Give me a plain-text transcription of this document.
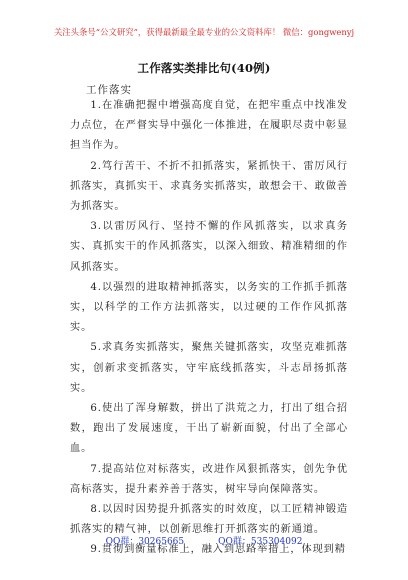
关注头条号“公文研究”，获得最新最全最专业的公文资料库！ 微信：gongwenyj
工作落实类排比句(40例)
工作落实

1.在准确把握中增强高度自觉，在把牢重点中找准发力点位，在严督实导中强化一体推进，在履职尽责中彰显担当作为。

2.笃行苦干、不折不扣抓落实，紧抓快干、雷厉风行抓落实，真抓实干、求真务实抓落实，敢想会干、敢做善为抓落实。

3.以雷厉风行、坚持不懈的作风抓落实，以求真务实、真抓实干的作风抓落实，以深入细致、精准精细的作风抓落实。

4.以强烈的进取精神抓落实，以务实的工作抓手抓落实，以科学的工作方法抓落实，以过硬的工作作风抓落实。

5.求真务实抓落实，聚焦关键抓落实，攻坚克难抓落实，创新求变抓落实，守牢底线抓落实，斗志昂扬抓落实。

6.使出了浑身解数，拼出了洪荒之力，打出了组合招数，跑出了发展速度，干出了崭新面貌，付出了全部心血。

7.提高站位对标落实，改进作风狠抓落实，创先争优高标落实，提升素养善于落实，树牢导向保障落实。

8.以因时因势提升抓落实的时效度，以工匠精神锻造抓落实的精气神，以创新思维打开抓落实的新通道。

9.贯彻到衡量标准上，融入到思路举措上，体现到精

QQ群：30265665	QQ群：535304092
